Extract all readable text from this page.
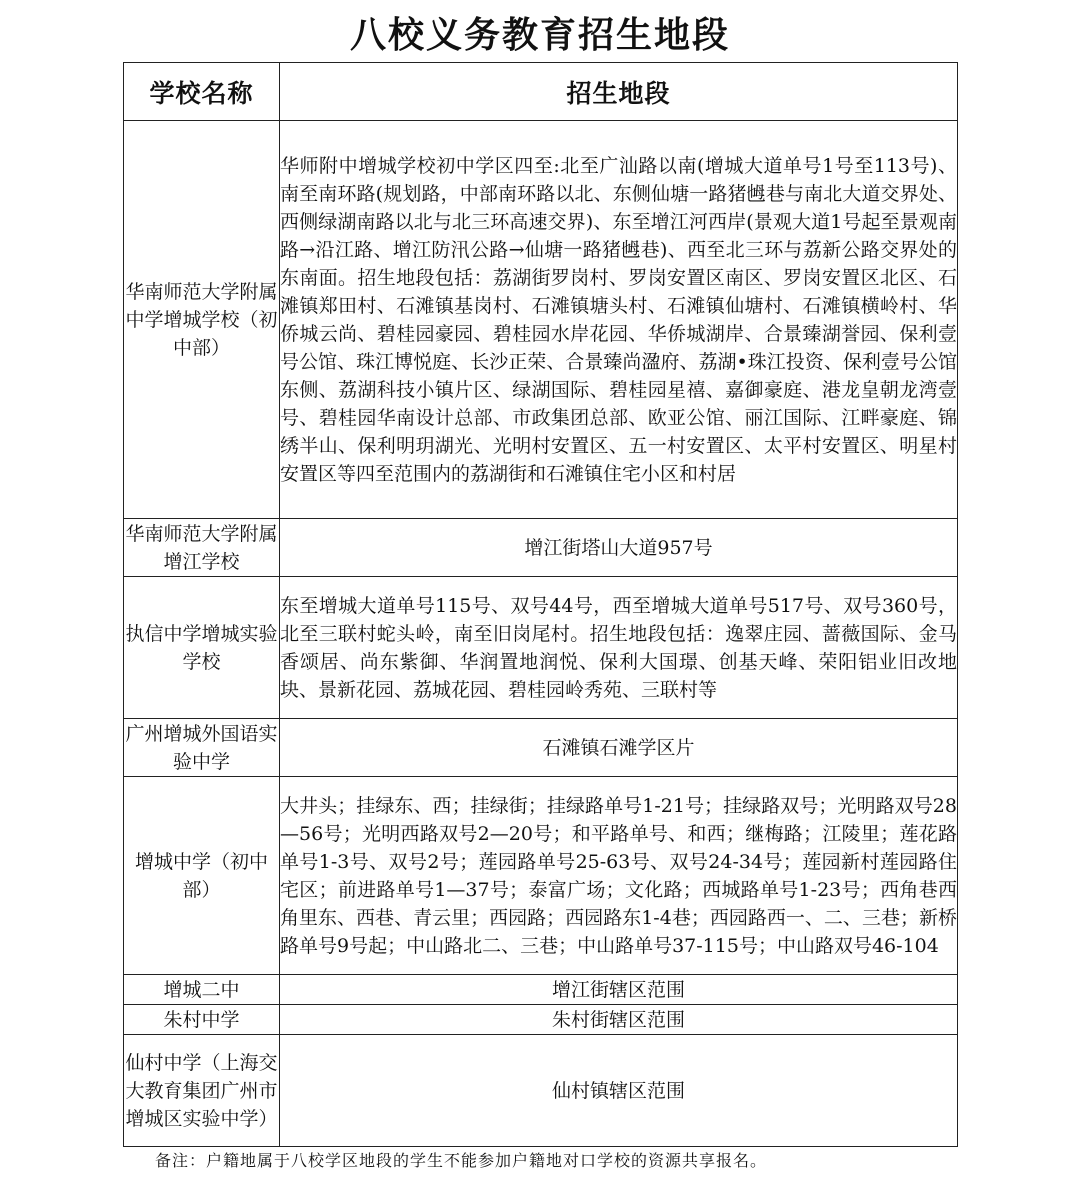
八校义务教育招生地段
学校名称	招生地段
华南师范大学附属中学增城学校（初中部）	华师附中增城学校初中学区四至:北至广汕路以南(增城大道单号1号至113号)、南至南环路(规划路，中部南环路以北、东侧仙塘一路猪乸巷与南北大道交界处、西侧绿湖南路以北与北三环高速交界)、东至增江河西岸(景观大道1号起至景观南路→沿江路、增江防汛公路→仙塘一路猪乸巷)、西至北三环与荔新公路交界处的东南面。招生地段包括：荔湖街罗岗村、罗岗安置区南区、罗岗安置区北区、石滩镇郑田村、石滩镇基岗村、石滩镇塘头村、石滩镇仙塘村、石滩镇横岭村、华侨城云尚、碧桂园豪园、碧桂园水岸花园、华侨城湖岸、合景臻湖誉园、保利壹号公馆、珠江博悦庭、长沙正荣、合景臻尚溋府、荔湖•珠江投资、保利壹号公馆东侧、荔湖科技小镇片区、绿湖国际、碧桂园星禧、嘉御豪庭、港龙皇朝龙湾壹号、碧桂园华南设计总部、市政集团总部、欧亚公馆、丽江国际、江畔豪庭、锦绣半山、保利明玥湖光、光明村安置区、五一村安置区、太平村安置区、明星村安置区等四至范围内的荔湖街和石滩镇住宅小区和村居
华南师范大学附属增江学校	增江街塔山大道957号
执信中学增城实验学校	东至增城大道单号115号、双号44号，西至增城大道单号517号、双号360号，北至三联村蛇头岭，南至旧岗尾村。招生地段包括：逸翠庄园、蔷薇国际、金马香颂居、尚东紫御、华润置地润悦、保利大国璟、创基天峰、荣阳铝业旧改地块、景新花园、荔城花园、碧桂园岭秀苑、三联村等
广州增城外国语实验中学	石滩镇石滩学区片
增城中学（初中部）	大井头；挂绿东、西；挂绿街；挂绿路单号1-21号；挂绿路双号；光明路双号28—56号；光明西路双号2—20号；和平路单号、和西；继梅路；江陵里；莲花路单号1-3号、双号2号；莲园路单号25-63号、双号24-34号；莲园新村莲园路住宅区；前进路单号1—37号；泰富广场；文化路；西城路单号1-23号；西角巷西角里东、西巷、青云里；西园路；西园路东1-4巷；西园路西一、二、三巷；新桥路单号9号起；中山路北二、三巷；中山路单号37-115号；中山路双号46-104
增城二中	增江街辖区范围
朱村中学	朱村街辖区范围
仙村中学（上海交大教育集团广州市增城区实验中学）	仙村镇辖区范围
备注：户籍地属于八校学区地段的学生不能参加户籍地对口学校的资源共享报名。
